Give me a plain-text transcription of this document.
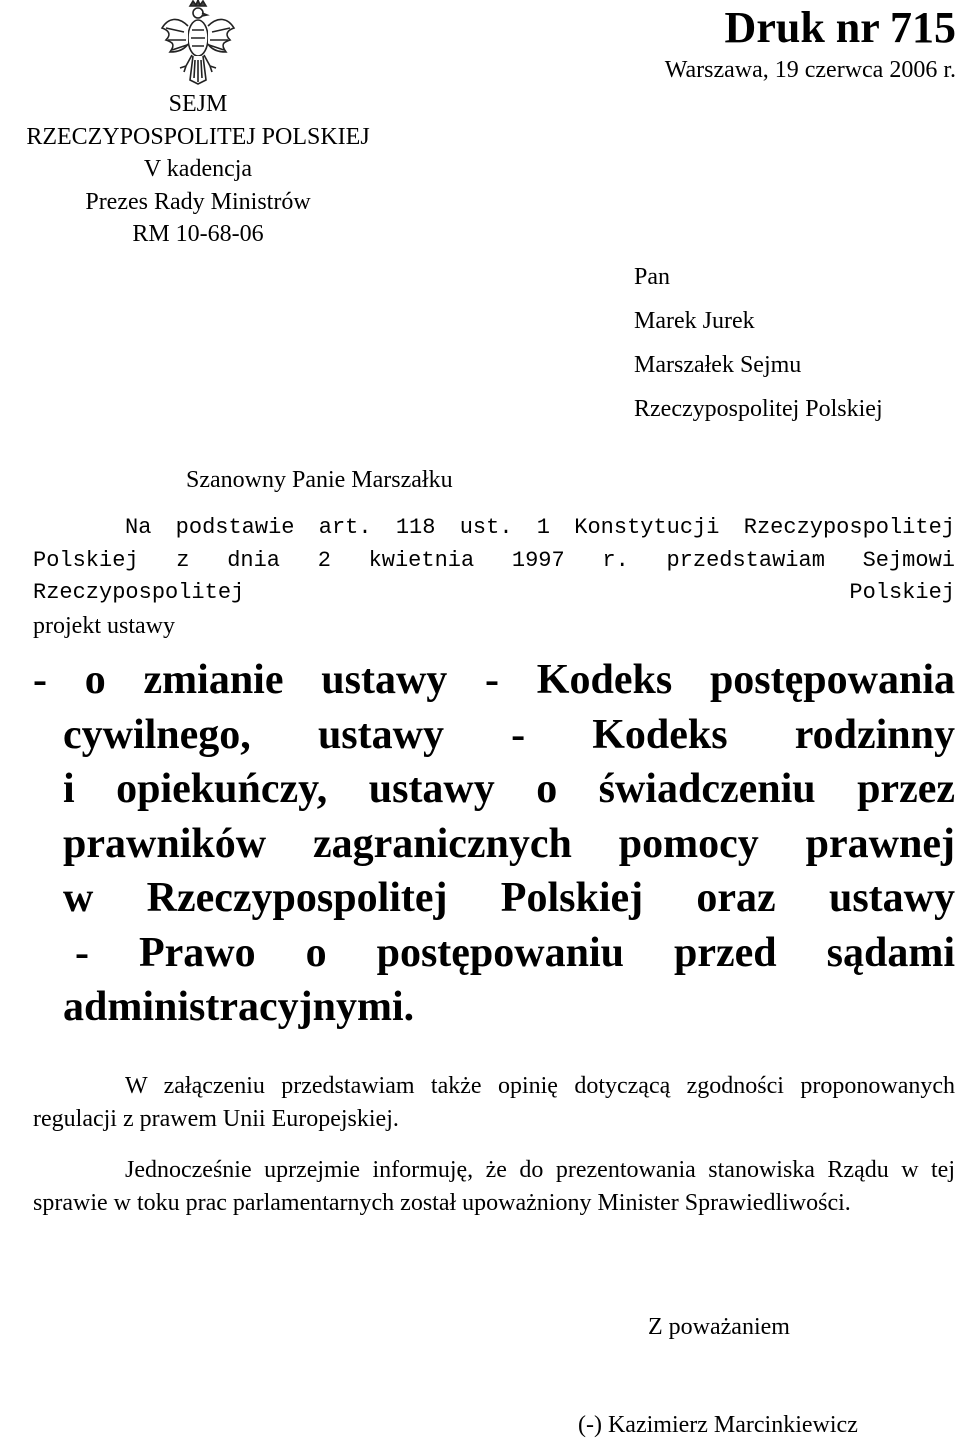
SEJM
RZECZYPOSPOLITEJ POLSKIEJ
V kadencja
Prezes Rady Ministrów
RM 10-68-06
Druk nr 715
Warszawa, 19 czerwca 2006 r.
Pan
Marek Jurek
Marszałek Sejmu
Rzeczypospolitej Polskiej
Szanowny Panie Marszałku
Na podstawie art. 118 ust. 1 Konstytucji Rzeczypospolitej Polskiej z dnia 2 kwietnia 1997 r. przedstawiam Sejmowi Rzeczypospolitej Polskiej
projekt ustawy
- o zmianie ustawy - Kodeks postępowania
cywilnego, ustawy - Kodeks rodzinny
i opiekuńczy, ustawy o świadczeniu przez
prawników zagranicznych pomocy prawnej
w Rzeczypospolitej Polskiej oraz ustawy
- Prawo o postępowaniu przed sądami
administracyjnymi.
W załączeniu przedstawiam także opinię dotyczącą zgodności proponowanych regulacji z prawem Unii Europejskiej.
Jednocześnie uprzejmie informuję, że do prezentowania stanowiska Rządu w tej sprawie w toku prac parlamentarnych został upoważniony Minister Sprawiedliwości.
Z poważaniem
(-) Kazimierz Marcinkiewicz
